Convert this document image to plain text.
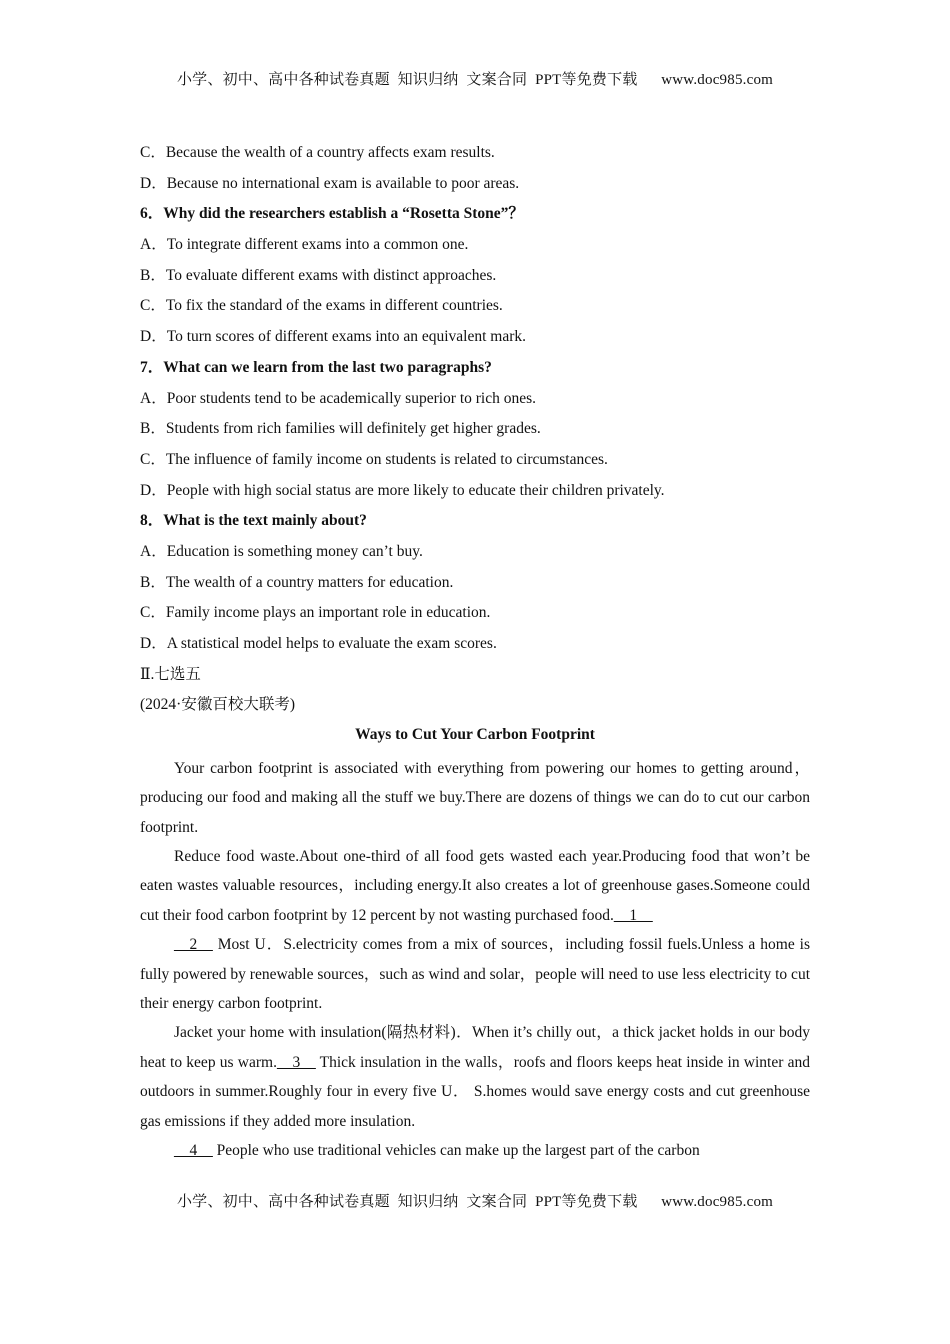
小学、初中、高中各种试卷真题  知识归纳  文案合同  PPT等免费下载      www.doc985.com
C．Because the wealth of a country affects exam results.
D．Because no international exam is available to poor areas.
6．Why did the researchers establish a “Rosetta Stone”？
A．To integrate different exams into a common one.
B．To evaluate different exams with distinct approaches.
C．To fix the standard of the exams in different countries.
D．To turn scores of different exams into an equivalent mark.
7．What can we learn from the last two paragraphs?
A．Poor students tend to be academically superior to rich ones.
B．Students from rich families will definitely get higher grades.
C．The influence of family income on students is related to circumstances.
D．People with high social status are more likely to educate their children privately.
8．What is the text mainly about?
A．Education is something money can’t buy.
B．The wealth of a country matters for education.
C．Family income plays an important role in education.
D．A statistical model helps to evaluate the exam scores.
Ⅱ.七选五
(2024·安徽百校大联考)
Ways to Cut Your Carbon Footprint

Your carbon footprint is associated with everything from powering our homes to getting around，producing our food and making all the stuff we buy.There are dozens of things we can do to cut our carbon footprint.

Reduce food waste.About one-third of all food gets wasted each year.Producing food that won’t be eaten wastes valuable resources，including energy.It also creates a lot of greenhouse gases.Someone could cut their food carbon footprint by 12 percent by not wasting purchased food.__1__

__2__ Most U．S.electricity comes from a mix of sources，including fossil fuels.Unless a home is fully powered by renewable sources，such as wind and solar，people will need to use less electricity to cut their energy carbon footprint.

Jacket your home with insulation(隔热材料)．When it’s chilly out，a thick jacket holds in our body heat to keep us warm.__3__ Thick insulation in the walls，roofs and floors keeps heat inside in winter and outdoors in summer.Roughly four in every five U． S.homes would save energy costs and cut greenhouse gas emissions if they added more insulation.

__4__ People who use traditional vehicles can make up the largest part of the carbon

小学、初中、高中各种试卷真题  知识归纳  文案合同  PPT等免费下载      www.doc985.com
